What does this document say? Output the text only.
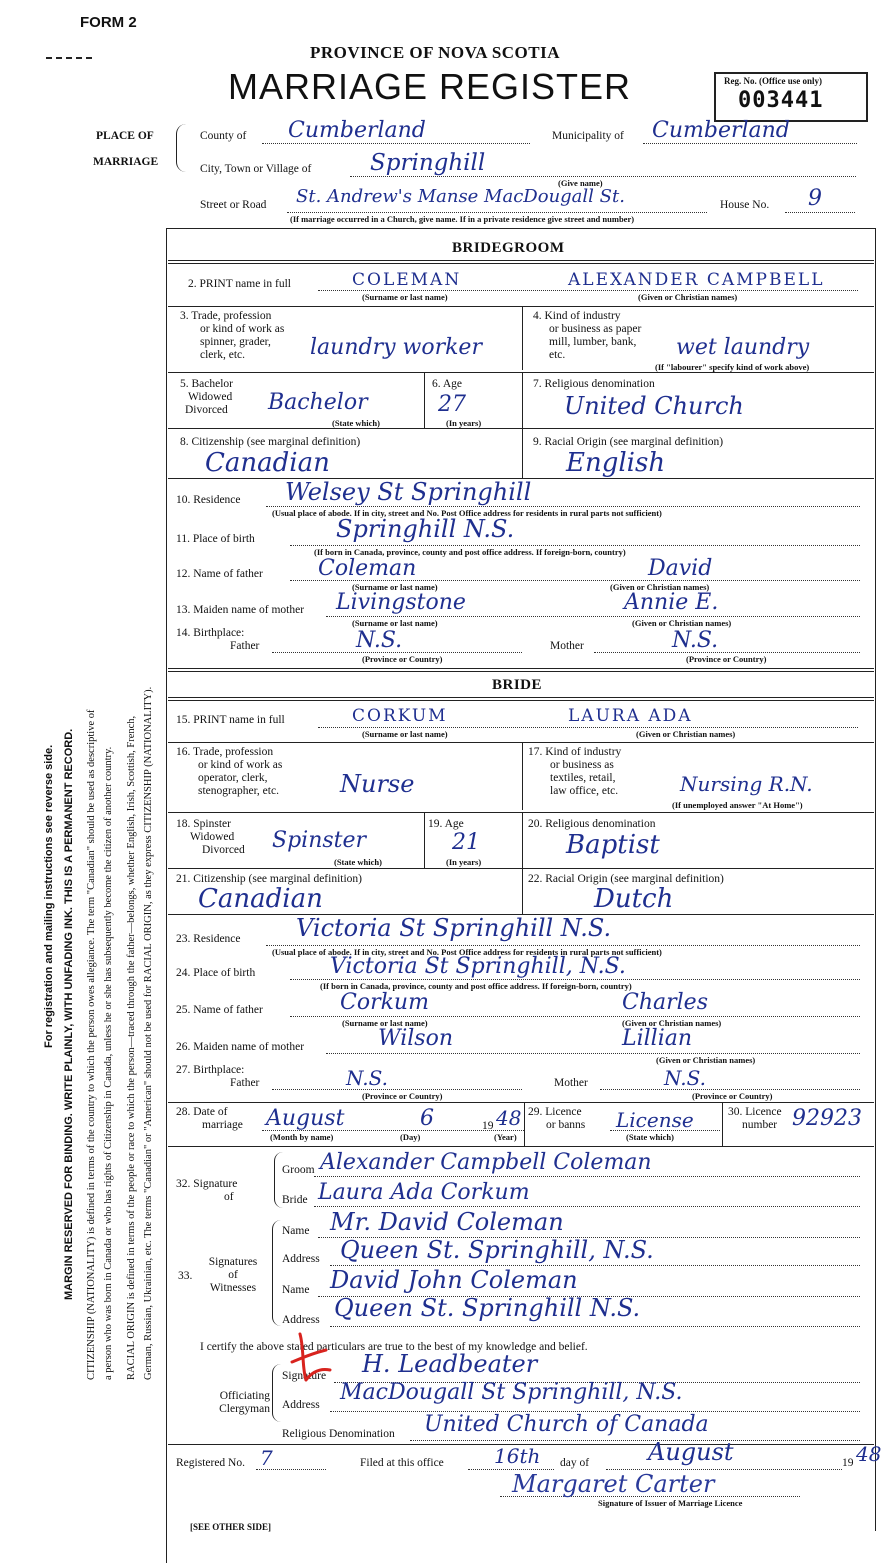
FORM 2
PROVINCE OF NOVA SCOTIA
MARRIAGE REGISTER	Reg. No. (Office use only)
003441
For registration and mailing instructions see reverse side. MARGIN RESERVED FOR BINDING. WRITE PLAINLY, WITH UNFADING INK. THIS IS A PERMANENT RECORD. CITIZENSHIP (NATIONALITY) is defined in terms of the country to which the person owes allegiance. The term "Canadian" should be used as descriptive of a person who was born in Canada or who has rights of Citizenship in Canada, unless he or she has subsequently become the citizen of another country. RACIAL ORIGIN is defined in terms of the people or race to which the person—traced through the father—belongs, whether English, Irish, Scottish, French, German, Russian, Ukrainian, etc. The terms "Canadian" or "American" should not be used for RACIAL ORIGIN, as they express CITIZENSHIP (NATIONALITY).
PLACE OF
MARRIAGE
County of Cumberland	Municipality of Cumberland
City, Town or Village of	Springhill
(Give name)
Street or Road St. Andrew's Manse MacDougall St.	House No. 9
(If marriage occurred in a Church, give name. If in a private residence give street and number)
BRIDEGROOM
2. PRINT name in full	COLEMAN	ALEXANDER CAMPBELL
(Surname or last name)	(Given or Christian names)
3. Trade, profession
or kind of work as
spinner, grader,
clerk, etc.	laundry worker
4. Kind of industry
or business as paper
mill, lumber, bank,
etc.	wet laundry
(If "labourer" specify kind of work above)
5. Bachelor
Widowed
Divorced Bachelor
(State which)
6. Age
27
(In years)
7. Religious denomination
United Church
8. Citizenship (see marginal definition)
Canadian
9. Racial Origin (see marginal definition)
English
10. Residence Welsey St Springhill
(Usual place of abode. If in city, street and No. Post Office address for residents in rural parts not sufficient)
11. Place of birth	Springhill N.S.
(If born in Canada, province, county and post office address. If foreign-born, country)
12. Name of father	Coleman	David
(Surname or last name)	(Given or Christian names)
13. Maiden name of mother Livingstone	Annie E.
(Surname or last name)	(Given or Christian names)
14. Birthplace:
Father	N.S.	Mother	N.S.
(Province or Country)	(Province or Country)
BRIDE
15. PRINT name in full	CORKUM	LAURA ADA
(Surname or last name)	(Given or Christian names)
16. Trade, profession
or kind of work as
operator, clerk,
stenographer, etc.	Nurse
17. Kind of industry
or business as
textiles, retail,
law office, etc.	Nursing R.N.
(If unemployed answer "At Home")
18. Spinster
Widowed
Divorced Spinster
(State which)
19. Age
21
(In years)
20. Religious denomination
Baptist
21. Citizenship (see marginal definition)
Canadian
22. Racial Origin (see marginal definition)
Dutch
23. Residence Victoria St Springhill N.S.
(Usual place of abode. If in city, street and No. Post Office address for residents in rural parts not sufficient)
24. Place of birth	Victoria St Springhill, N.S.
(If born in Canada, province, county and post office address. If foreign-born, country)
25. Name of father	Corkum	Charles
(Surname or last name)	(Given or Christian names)
26. Maiden name of mother	Wilson	Lillian
(Given or Christian names)
27. Birthplace:
Father	N.S.	Mother	N.S.
(Province or Country)	(Province or Country)
28. Date of
marriage August	6	19 48
(Month by name)	(Day)	(Year)
29. Licence
or banns License
(State which)
30. Licence
number 92923
32. Signature
of
Groom Alexander Campbell Coleman
Bride Laura Ada Corkum
Signatures
of
Witnesses
33.
Name Mr. David Coleman
Address Queen St. Springhill, N.S.
Name David John Coleman
Address Queen St. Springhill N.S.
I certify the above stated particulars are true to the best of my knowledge and belief.
Officiating
Clergyman
Signature H. Leadbeater
Address MacDougall St Springhill, N.S.
Religious Denomination United Church of Canada
Registered No. 7	Filed at this office	16th day of August	19 48
Margaret Carter
Signature of Issuer of Marriage Licence
[SEE OTHER SIDE]
